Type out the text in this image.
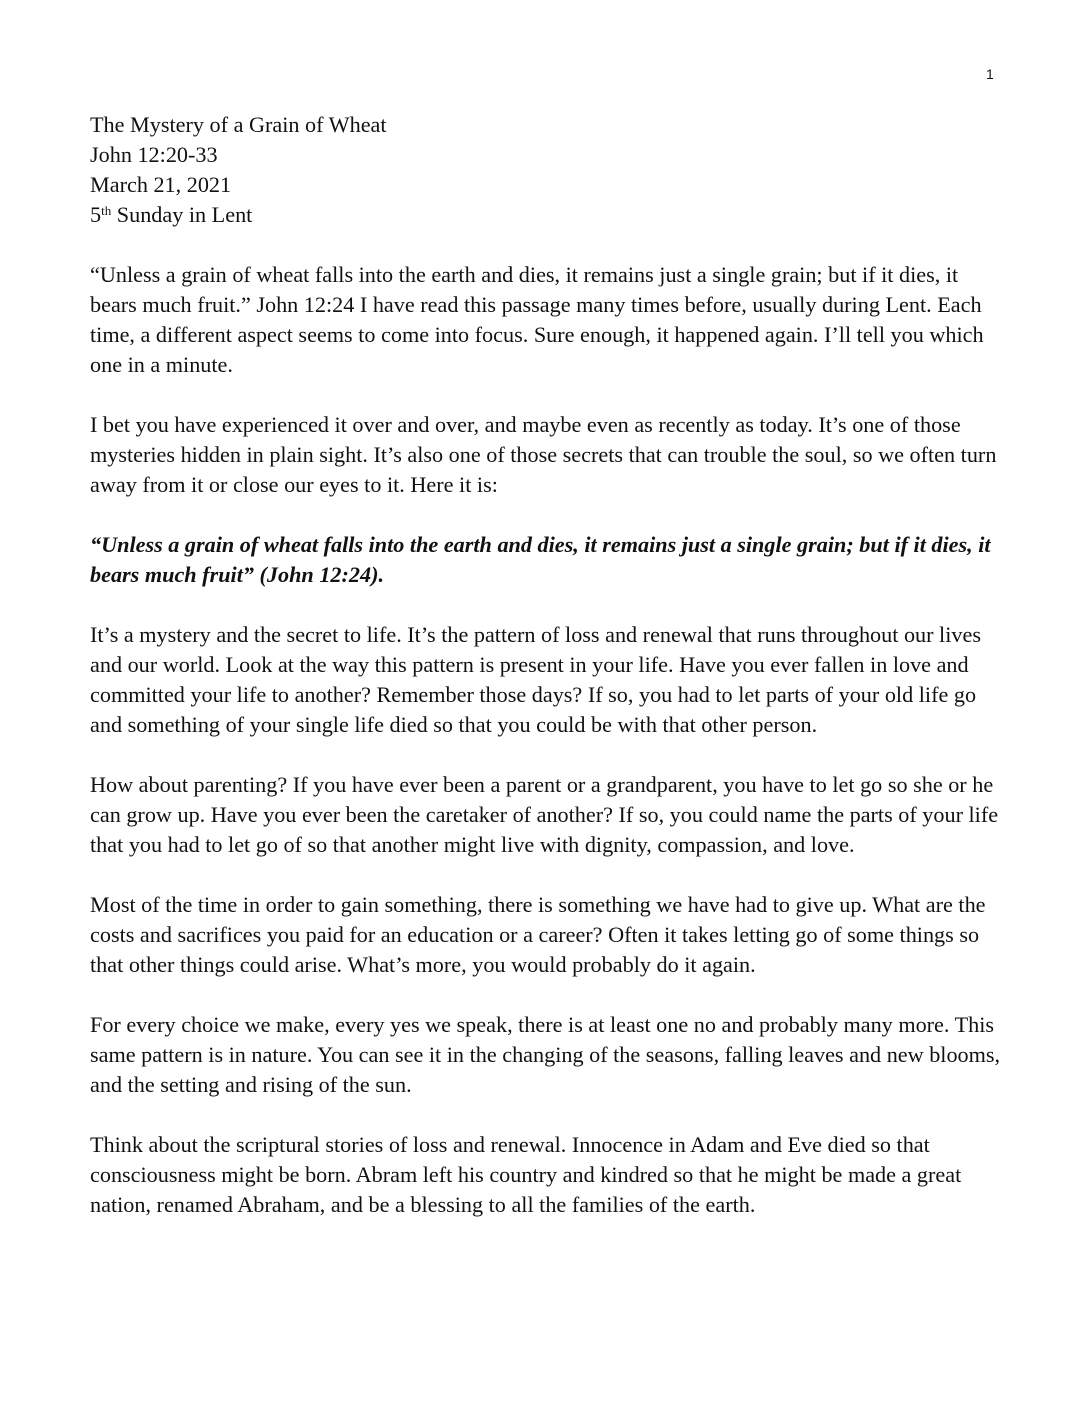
1
The Mystery of a Grain of Wheat
John 12:20-33
March 21, 2021
5th Sunday in Lent

“Unless a grain of wheat falls into the earth and dies, it remains just a single grain; but if it dies, it bears much fruit.” John 12:24 I have read this passage many times before, usually during Lent. Each time, a different aspect seems to come into focus. Sure enough, it happened again. I’ll tell you which one in a minute.

I bet you have experienced it over and over, and maybe even as recently as today. It’s one of those mysteries hidden in plain sight. It’s also one of those secrets that can trouble the soul, so we often turn away from it or close our eyes to it. Here it is:

“Unless a grain of wheat falls into the earth and dies, it remains just a single grain; but if it dies, it bears much fruit” (John 12:24).

It’s a mystery and the secret to life. It’s the pattern of loss and renewal that runs throughout our lives and our world. Look at the way this pattern is present in your life. Have you ever fallen in love and committed your life to another? Remember those days? If so, you had to let parts of your old life go and something of your single life died so that you could be with that other person.

How about parenting? If you have ever been a parent or a grandparent, you have to let go so she or he can grow up. Have you ever been the caretaker of another? If so, you could name the parts of your life that you had to let go of so that another might live with dignity, compassion, and love.

Most of the time in order to gain something, there is something we have had to give up. What are the costs and sacrifices you paid for an education or a career? Often it takes letting go of some things so that other things could arise. What’s more, you would probably do it again.

For every choice we make, every yes we speak, there is at least one no and probably many more. This same pattern is in nature. You can see it in the changing of the seasons, falling leaves and new blooms, and the setting and rising of the sun.

Think about the scriptural stories of loss and renewal. Innocence in Adam and Eve died so that consciousness might be born. Abram left his country and kindred so that he might be made a great nation, renamed Abraham, and be a blessing to all the families of the earth.
